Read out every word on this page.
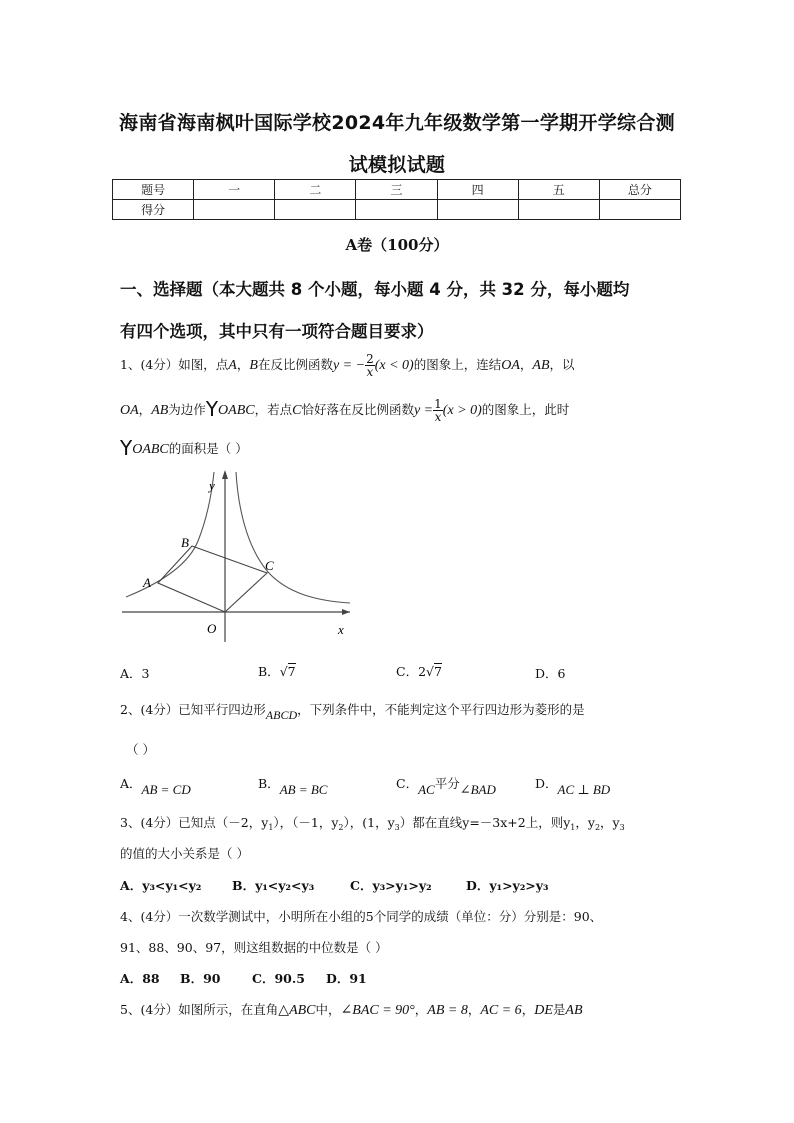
海南省海南枫叶国际学校2024年九年级数学第一学期开学综合测
试模拟试题
题号	一	二	三	四	五	总分
得分						
A卷（100分）
一、选择题（本大题共 8 个小题，每小题 4 分，共 32 分，每小题均
有四个选项，其中只有一项符合题目要求）
1、(4分）如图，点A，B在反比例函数y = − $\frac{2}{x} (x < 0)$的图象上，连结OA，AB，以
OA，AB为边作YOABC，若点C恰好落在反比例函数$y = \frac{1}{x} (x > 0)$的图象上，此时
YOABC的面积是（ ）
y
x
O
A
B
C
A．3	B．√7	C．2√7	D．6
2、(4分）已知平行四边形ABCD，下列条件中，不能判定这个平行四边形为菱形的是
（ ）
A．AB = CD	B．AB = BC	C．AC平分∠BAD	D．AC ⊥ BD
3、(4分）已知点（－2，$y_1$），（－1，$y_2$），(1，$y_3$）都在直线y=－3x+2上，则$y_1$，$y_2$，$y_3$
的值的大小关系是（ ）
A．y₃<y₁<y₂ B．y₁<y₂<y₃	C．y₃>y₁>y₂	D．y₁>y₂>y₃
4、(4分）一次数学测试中，小明所在小组的5个同学的成绩（单位：分）分别是：90、
91、88、90、97，则这组数据的中位数是（ ）
A．88 B．90	C．90.5 D．91
5、(4分）如图所示，在直角△ABC中，∠BAC = 90°，AB = 8，AC = 6，DE是AB
